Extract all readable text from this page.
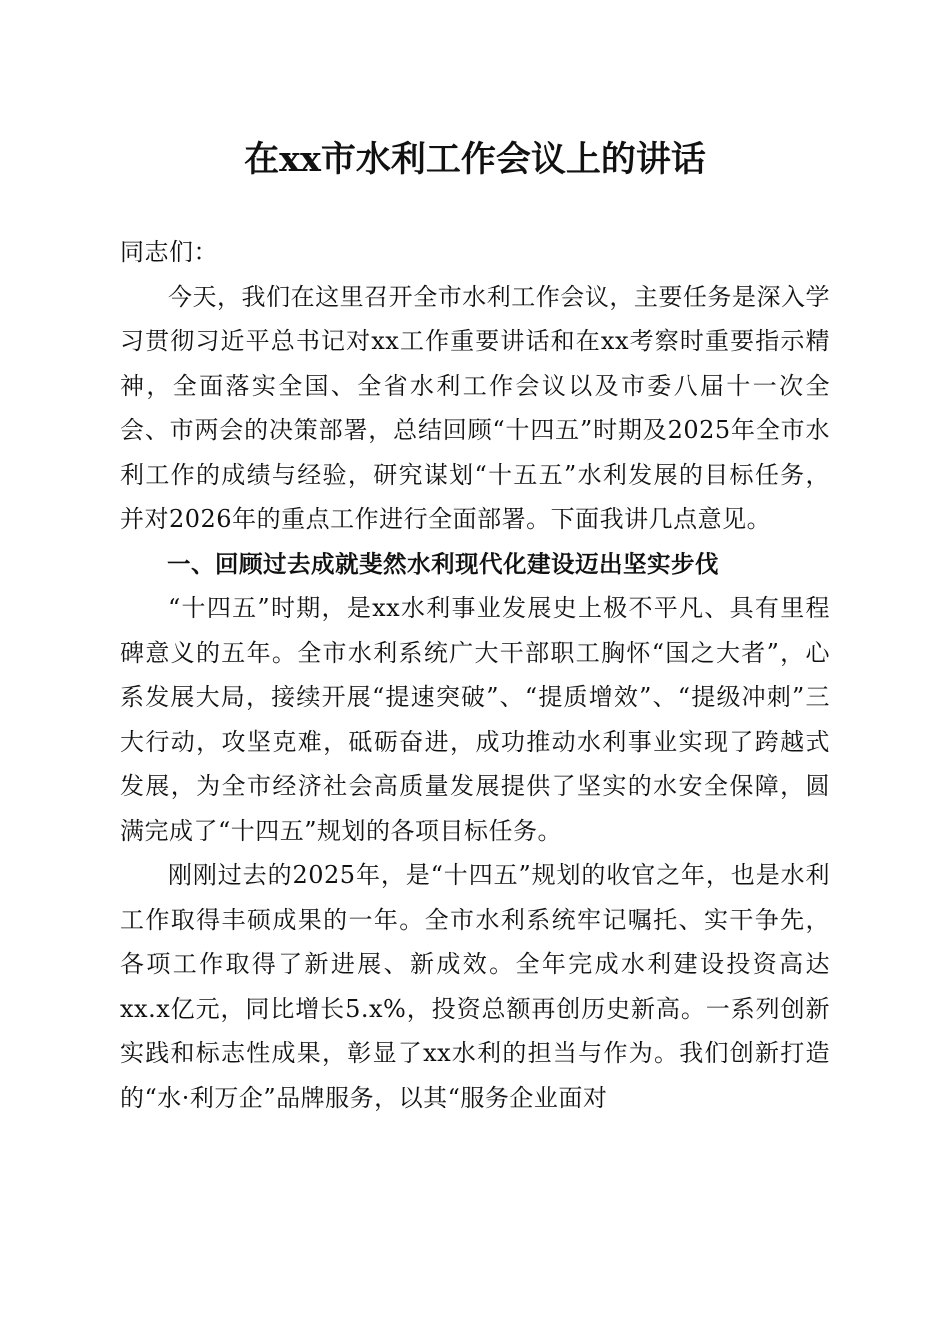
在xx市水利工作会议上的讲话

同志们：

今天，我们在这里召开全市水利工作会议，主要任务是深入学习贯彻习近平总书记对xx工作重要讲话和在xx考察时重要指示精神，全面落实全国、全省水利工作会议以及市委八届十一次全会、市两会的决策部署，总结回顾“十四五”时期及2025年全市水利工作的成绩与经验，研究谋划“十五五”水利发展的目标任务，并对2026年的重点工作进行全面部署。下面我讲几点意见。

一、回顾过去成就斐然水利现代化建设迈出坚实步伐

“十四五”时期，是xx水利事业发展史上极不平凡、具有里程碑意义的五年。全市水利系统广大干部职工胸怀“国之大者”，心系发展大局，接续开展“提速突破”、“提质增效”、“提级冲刺”三大行动，攻坚克难，砥砺奋进，成功推动水利事业实现了跨越式发展，为全市经济社会高质量发展提供了坚实的水安全保障，圆满完成了“十四五”规划的各项目标任务。

刚刚过去的2025年，是“十四五”规划的收官之年，也是水利工作取得丰硕成果的一年。全市水利系统牢记嘱托、实干争先，各项工作取得了新进展、新成效。全年完成水利建设投资高达xx.x亿元，同比增长5.x%，投资总额再创历史新高。一系列创新实践和标志性成果，彰显了xx水利的担当与作为。我们创新打造的“水·利万企”品牌服务，以其“服务企业面对
